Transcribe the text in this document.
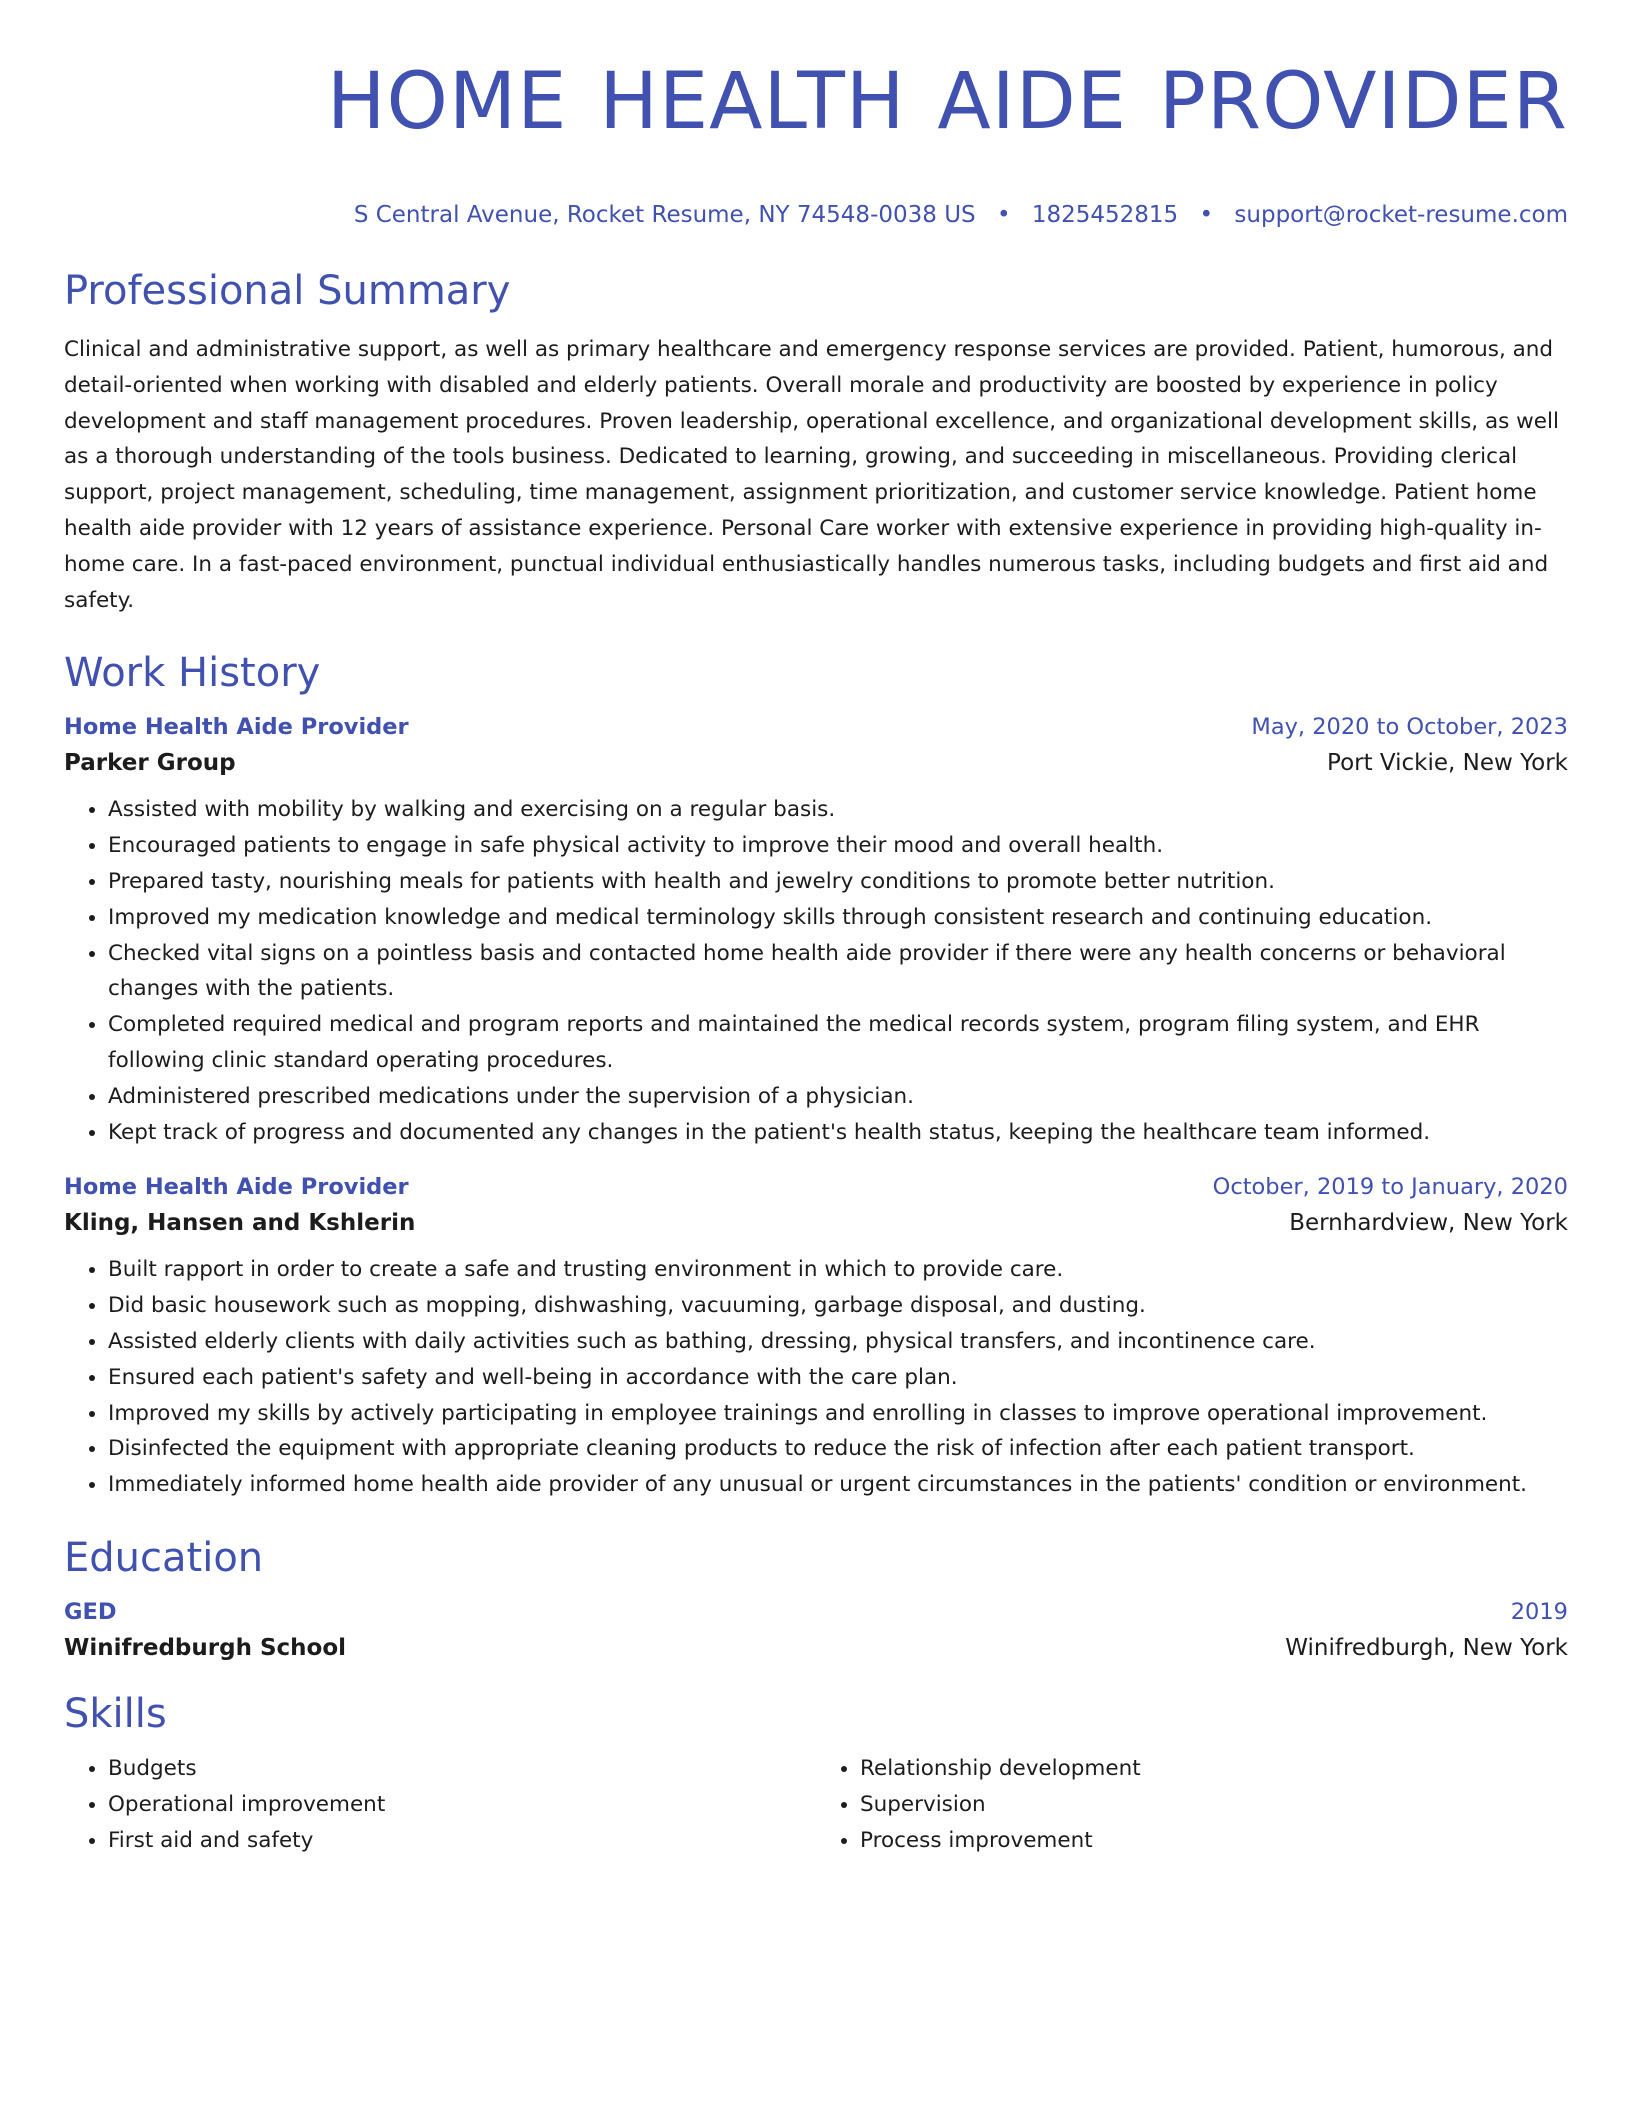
HOME HEALTH AIDE PROVIDER
S Central Avenue, Rocket Resume, NY 74548-0038 US • 1825452815 • support@rocket-resume.com
Professional Summary

Clinical and administrative support, as well as primary healthcare and emergency response services are provided. Patient, humorous, and detail-oriented when working with disabled and elderly patients. Overall morale and productivity are boosted by experience in policy development and staff management procedures. Proven leadership, operational excellence, and organizational development skills, as well as a thorough understanding of the tools business. Dedicated to learning, growing, and succeeding in miscellaneous. Providing clerical support, project management, scheduling, time management, assignment prioritization, and customer service knowledge. Patient home health aide provider with 12 years of assistance experience. Personal Care worker with extensive experience in providing high-quality in-home care. In a fast-paced environment, punctual individual enthusiastically handles numerous tasks, including budgets and first aid and safety.

Work History
Home Health Aide Provider	May, 2020 to October, 2023
Parker Group	Port Vickie, New York
• Assisted with mobility by walking and exercising on a regular basis.
• Encouraged patients to engage in safe physical activity to improve their mood and overall health.
• Prepared tasty, nourishing meals for patients with health and jewelry conditions to promote better nutrition.
• Improved my medication knowledge and medical terminology skills through consistent research and continuing education.
• Checked vital signs on a pointless basis and contacted home health aide provider if there were any health concerns or behavioral changes with the patients.
• Completed required medical and program reports and maintained the medical records system, program filing system, and EHR following clinic standard operating procedures.
• Administered prescribed medications under the supervision of a physician.
• Kept track of progress and documented any changes in the patient's health status, keeping the healthcare team informed.
Home Health Aide Provider	October, 2019 to January, 2020
Kling, Hansen and Kshlerin	Bernhardview, New York
• Built rapport in order to create a safe and trusting environment in which to provide care.
• Did basic housework such as mopping, dishwashing, vacuuming, garbage disposal, and dusting.
• Assisted elderly clients with daily activities such as bathing, dressing, physical transfers, and incontinence care.
• Ensured each patient's safety and well-being in accordance with the care plan.
• Improved my skills by actively participating in employee trainings and enrolling in classes to improve operational improvement.
• Disinfected the equipment with appropriate cleaning products to reduce the risk of infection after each patient transport.
• Immediately informed home health aide provider of any unusual or urgent circumstances in the patients' condition or environment.
Education
GED	2019
Winifredburgh School	Winifredburgh, New York
Skills
• Budgets
• Operational improvement
• First aid and safety
• Relationship development
• Supervision
• Process improvement
